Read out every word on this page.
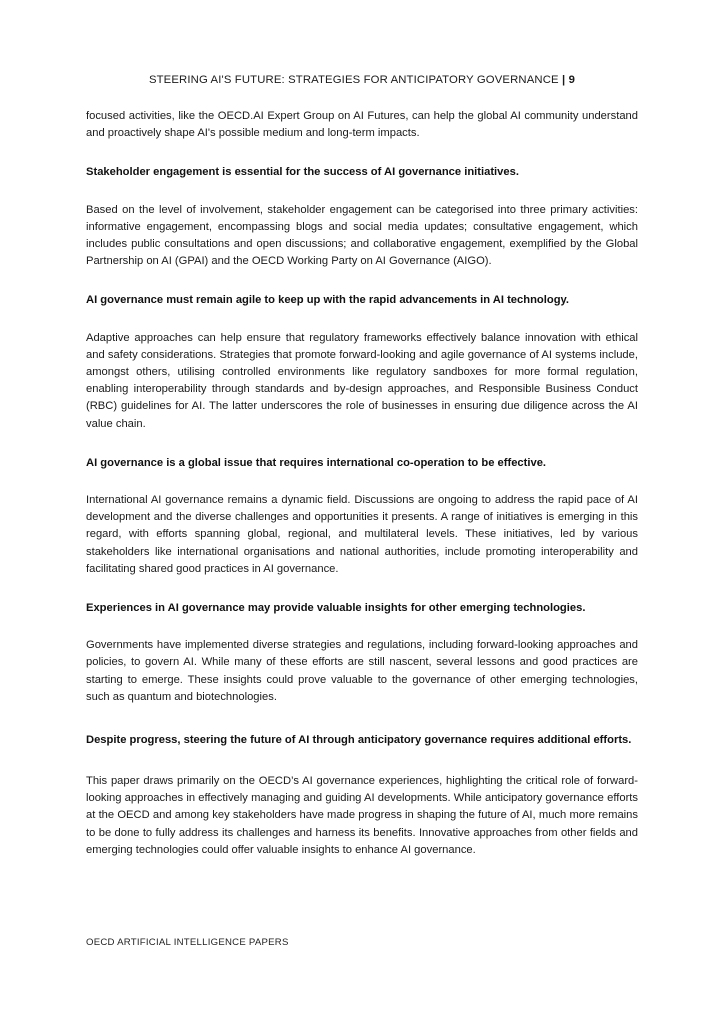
STEERING AI'S FUTURE: STRATEGIES FOR ANTICIPATORY GOVERNANCE | 9

focused activities, like the OECD.AI Expert Group on AI Futures, can help the global AI community understand and proactively shape AI's possible medium and long-term impacts.

Stakeholder engagement is essential for the success of AI governance initiatives.

Based on the level of involvement, stakeholder engagement can be categorised into three primary activities: informative engagement, encompassing blogs and social media updates; consultative engagement, which includes public consultations and open discussions; and collaborative engagement, exemplified by the Global Partnership on AI (GPAI) and the OECD Working Party on AI Governance (AIGO).

AI governance must remain agile to keep up with the rapid advancements in AI technology.

Adaptive approaches can help ensure that regulatory frameworks effectively balance innovation with ethical and safety considerations. Strategies that promote forward-looking and agile governance of AI systems include, amongst others, utilising controlled environments like regulatory sandboxes for more formal regulation, enabling interoperability through standards and by-design approaches, and Responsible Business Conduct (RBC) guidelines for AI. The latter underscores the role of businesses in ensuring due diligence across the AI value chain.

AI governance is a global issue that requires international co-operation to be effective.

International AI governance remains a dynamic field. Discussions are ongoing to address the rapid pace of AI development and the diverse challenges and opportunities it presents. A range of initiatives is emerging in this regard, with efforts spanning global, regional, and multilateral levels. These initiatives, led by various stakeholders like international organisations and national authorities, include promoting interoperability and facilitating shared good practices in AI governance.

Experiences in AI governance may provide valuable insights for other emerging technologies.

Governments have implemented diverse strategies and regulations, including forward-looking approaches and policies, to govern AI. While many of these efforts are still nascent, several lessons and good practices are starting to emerge. These insights could prove valuable to the governance of other emerging technologies, such as quantum and biotechnologies.

Despite progress, steering the future of AI through anticipatory governance requires additional efforts.

This paper draws primarily on the OECD’s AI governance experiences, highlighting the critical role of forward-looking approaches in effectively managing and guiding AI developments. While anticipatory governance efforts at the OECD and among key stakeholders have made progress in shaping the future of AI, much more remains to be done to fully address its challenges and harness its benefits. Innovative approaches from other fields and emerging technologies could offer valuable insights to enhance AI governance.

OECD ARTIFICIAL INTELLIGENCE PAPERS
